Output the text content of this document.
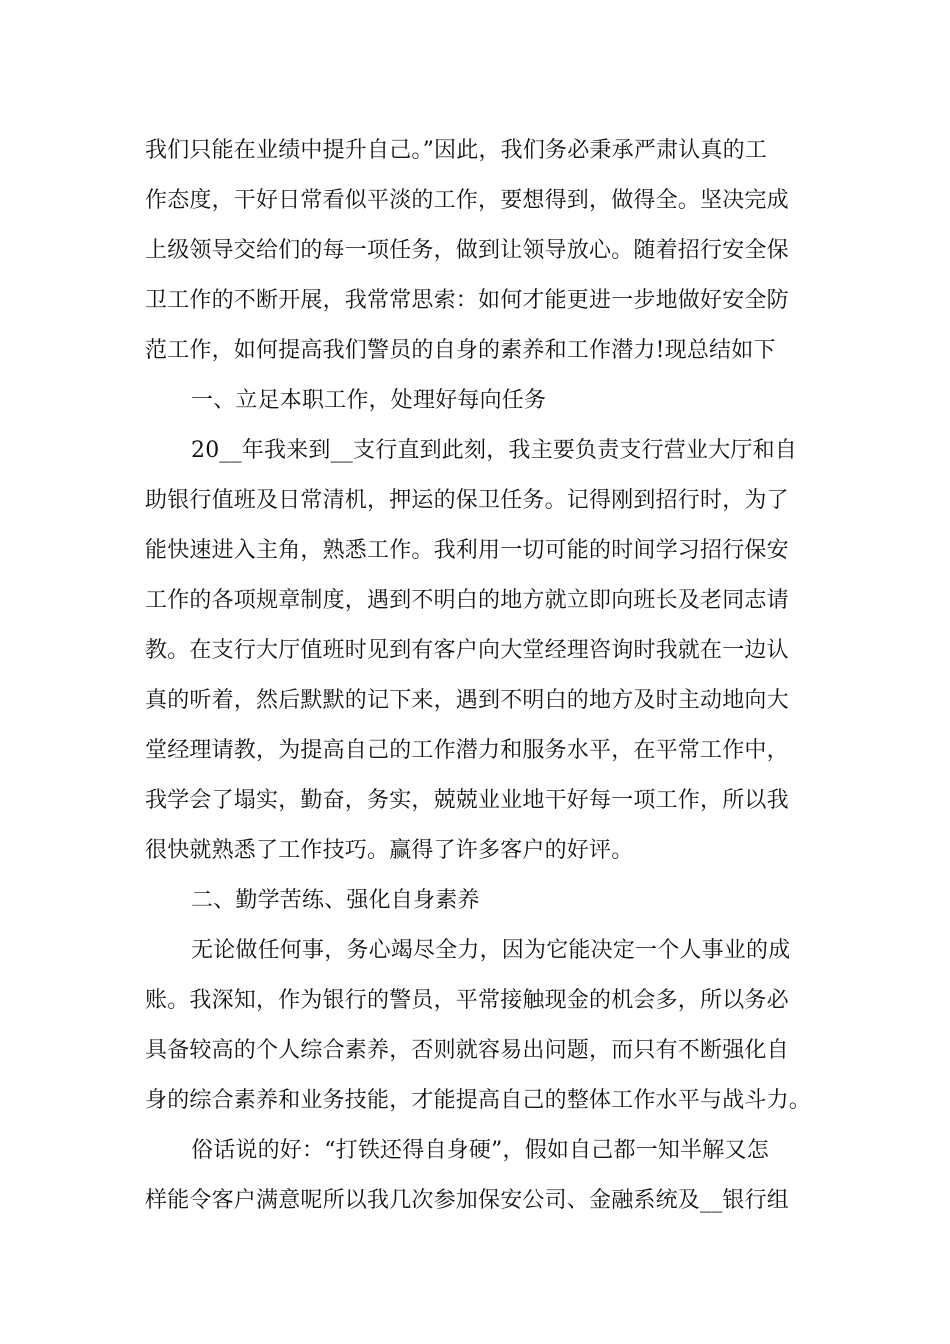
我们只能在业绩中提升自己。”因此，我们务必秉承严肃认真的工
作态度，干好日常看似平淡的工作，要想得到，做得全。坚决完成
上级领导交给们的每一项任务，做到让领导放心。随着招行安全保
卫工作的不断开展，我常常思索：如何才能更进一步地做好安全防
范工作，如何提高我们警员的自身的素养和工作潜力!现总结如下
一、立足本职工作，处理好每向任务
20__年我来到__支行直到此刻，我主要负责支行营业大厅和自
助银行值班及日常清机，押运的保卫任务。记得刚到招行时，为了
能快速进入主角，熟悉工作。我利用一切可能的时间学习招行保安
工作的各项规章制度，遇到不明白的地方就立即向班长及老同志请
教。在支行大厅值班时见到有客户向大堂经理咨询时我就在一边认
真的听着，然后默默的记下来，遇到不明白的地方及时主动地向大
堂经理请教，为提高自己的工作潜力和服务水平，在平常工作中，
我学会了塌实，勤奋，务实，兢兢业业地干好每一项工作，所以我
很快就熟悉了工作技巧。赢得了许多客户的好评。
二、勤学苦练、强化自身素养
无论做任何事，务心竭尽全力，因为它能决定一个人事业的成
账。我深知，作为银行的警员，平常接触现金的机会多，所以务必
具备较高的个人综合素养，否则就容易出问题，而只有不断强化自
身的综合素养和业务技能，才能提高自己的整体工作水平与战斗力。
俗话说的好：“打铁还得自身硬”，假如自己都一知半解又怎
样能令客户满意呢所以我几次参加保安公司、金融系统及__银行组
